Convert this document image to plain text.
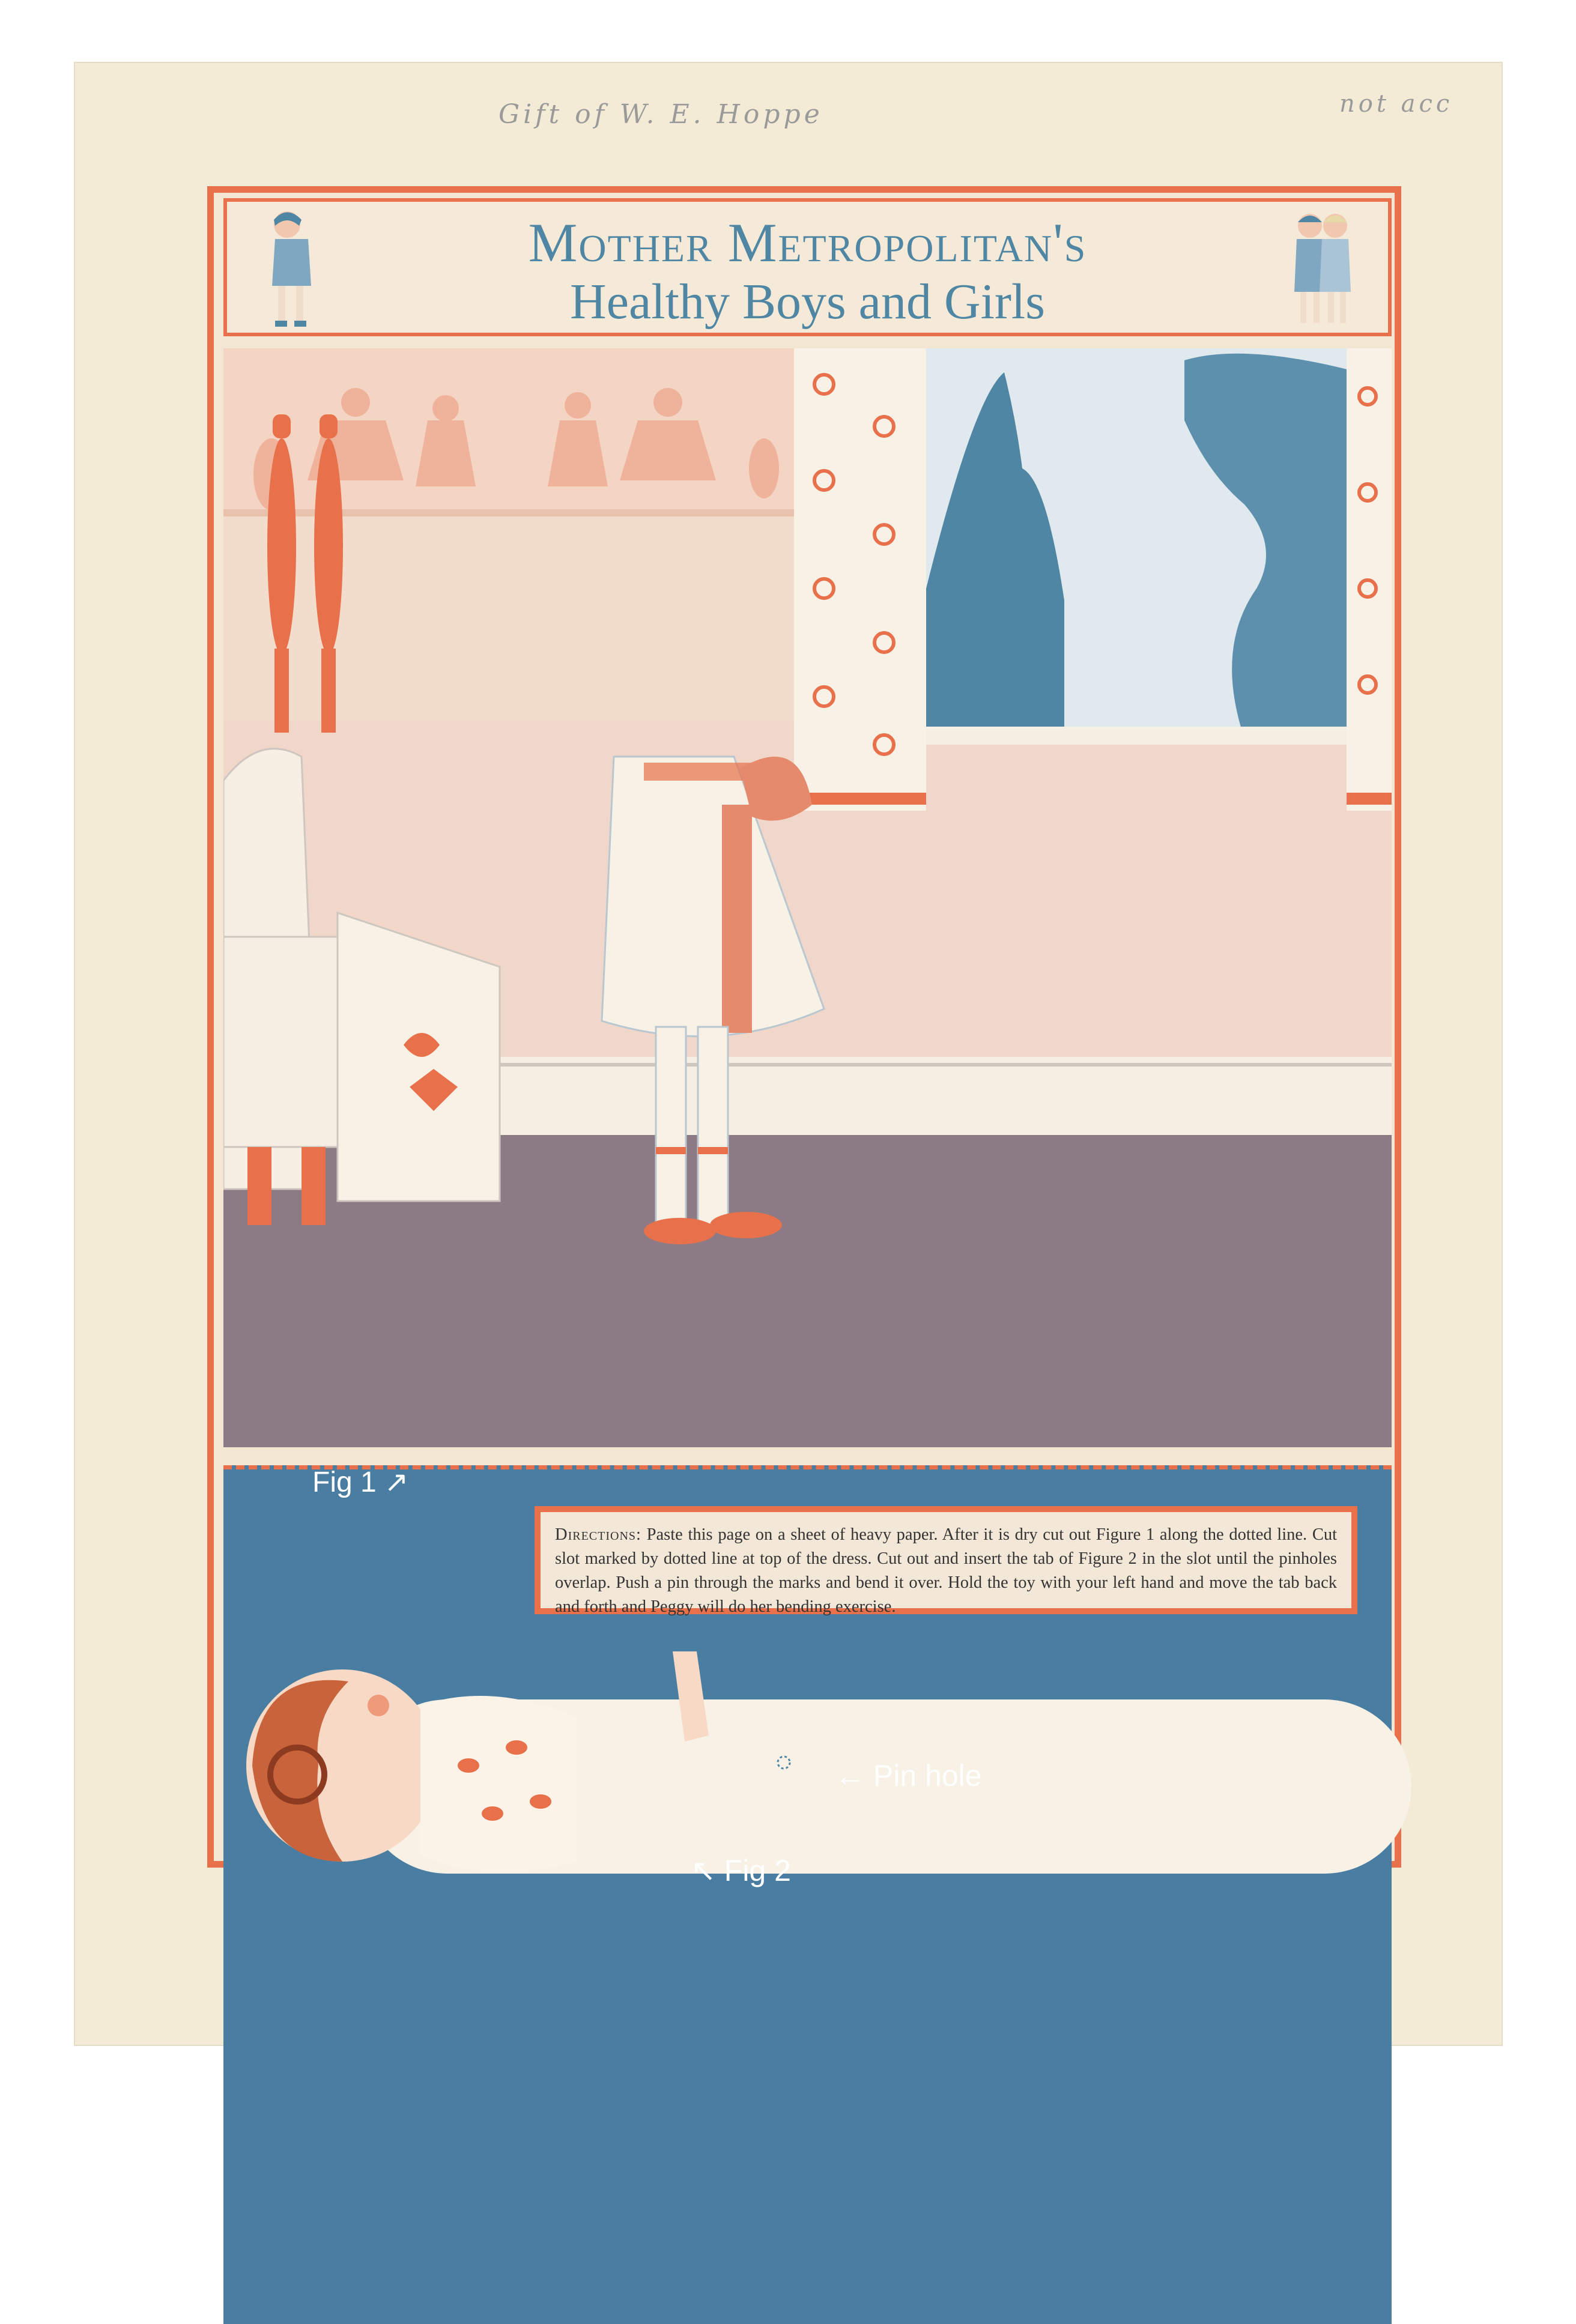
Gift of W. E. Hoppe	not acc
Mother Metropolitan's
Healthy Boys and Girls
Fig 1 ↗
Directions: Paste this page on a sheet of heavy paper. After it is dry cut out Figure 1 along the dotted line. Cut slot marked by dotted line at top of the dress. Cut out and insert the tab of Figure 2 in the slot until the pinholes overlap. Push a pin through the marks and bend it over. Hold the toy with your left hand and move the tab back and forth and Peggy will do her bending exercise.
← Pin hole
↖ Fig 2
